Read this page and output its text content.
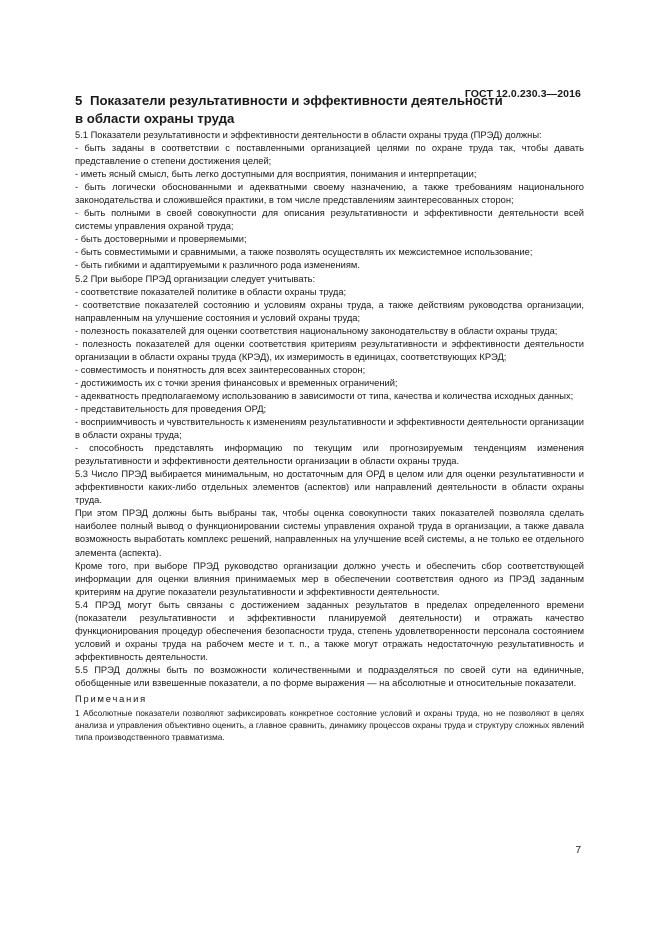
ГОСТ 12.0.230.3—2016
5 Показатели результативности и эффективности деятельности
в области охраны труда

5.1 Показатели результативности и эффективности деятельности в области охраны труда (ПРЭД) должны:

- быть заданы в соответствии с поставленными организацией целями по охране труда так, чтобы давать представление о степени достижения целей;

- иметь ясный смысл, быть легко доступными для восприятия, понимания и интерпретации;

- быть логически обоснованными и адекватными своему назначению, а также требованиям национального законодательства и сложившейся практики, в том числе представлениям заинтересованных сторон;

- быть полными в своей совокупности для описания результативности и эффективности деятельности всей системы управления охраной труда;

- быть достоверными и проверяемыми;

- быть совместимыми и сравнимыми, а также позволять осуществлять их межсистемное использование;

- быть гибкими и адаптируемыми к различного рода изменениям.

5.2 При выборе ПРЭД организации следует учитывать:

- соответствие показателей политике в области охраны труда;

- соответствие показателей состоянию и условиям охраны труда, а также действиям руководства организации, направленным на улучшение состояния и условий охраны труда;

- полезность показателей для оценки соответствия национальному законодательству в области охраны труда;

- полезность показателей для оценки соответствия критериям результативности и эффективности деятельности организации в области охраны труда (КРЭД), их измеримость в единицах, соответствующих КРЭД;

- совместимость и понятность для всех заинтересованных сторон;

- достижимость их с точки зрения финансовых и временных ограничений;

- адекватность предполагаемому использованию в зависимости от типа, качества и количества исходных данных;

- представительность для проведения ОРД;

- восприимчивость и чувствительность к изменениям результативности и эффективности деятельности организации в области охраны труда;

- способность представлять информацию по текущим или прогнозируемым тенденциям изменения результативности и эффективности деятельности организации в области охраны труда.

5.3 Число ПРЭД выбирается минимальным, но достаточным для ОРД в целом или для оценки результативности и эффективности каких-либо отдельных элементов (аспектов) или направлений деятельности в области охраны труда.

При этом ПРЭД должны быть выбраны так, чтобы оценка совокупности таких показателей позволяла сделать наиболее полный вывод о функционировании системы управления охраной труда в организации, а также давала возможность выработать комплекс решений, направленных на улучшение всей системы, а не только ее отдельного элемента (аспекта).

Кроме того, при выборе ПРЭД руководство организации должно учесть и обеспечить сбор соответствующей информации для оценки влияния принимаемых мер в обеспечении соответствия одного из ПРЭД заданным критериям на другие показатели результативности и эффективности деятельности.

5.4 ПРЭД могут быть связаны с достижением заданных результатов в пределах определенного времени (показатели результативности и эффективности планируемой деятельности) и отражать качество функционирования процедур обеспечения безопасности труда, степень удовлетворенности персонала состоянием условий и охраны труда на рабочем месте и т. п., а также могут отражать недостаточную результативность и эффективность деятельности.

5.5 ПРЭД должны быть по возможности количественными и подразделяться по своей сути на единичные, обобщенные или взвешенные показатели, а по форме выражения — на абсолютные и относительные показатели.

Примечания

1 Абсолютные показатели позволяют зафиксировать конкретное состояние условий и охраны труда, но не позволяют в целях анализа и управления объективно оценить, а главное сравнить, динамику процессов охраны труда и структуру сложных явлений типа производственного травматизма.

7
